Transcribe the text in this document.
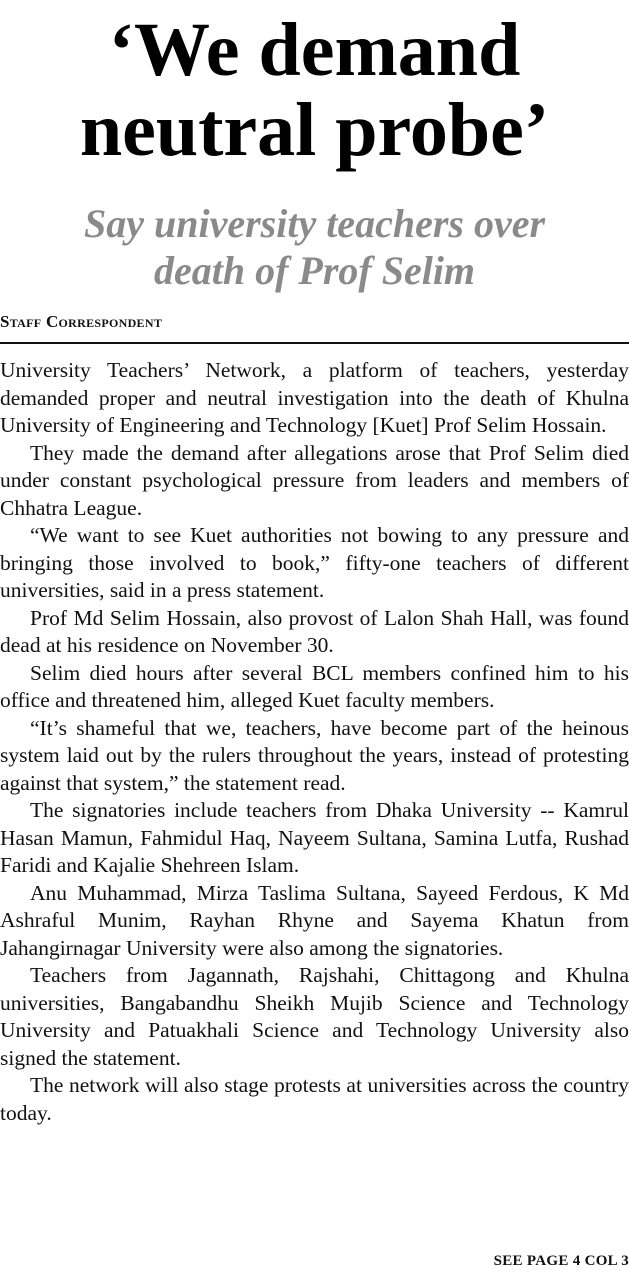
‘We demand
neutral probe’
Say university teachers over
death of Prof Selim
Staff Correspondent

University Teachers’ Network, a platform of teachers, yesterday demanded proper and neutral investigation into the death of Khulna University of Engineering and Technology [Kuet] Prof Selim Hossain.

They made the demand after allegations arose that Prof Selim died under constant psychological pressure from leaders and members of Chhatra League.

“We want to see Kuet authorities not bowing to any pressure and bringing those involved to book,” fifty-one teachers of different universities, said in a press statement.

Prof Md Selim Hossain, also provost of Lalon Shah Hall, was found dead at his residence on November 30.

Selim died hours after several BCL members confined him to his office and threatened him, alleged Kuet faculty members.

“It’s shameful that we, teachers, have become part of the heinous system laid out by the rulers throughout the years, instead of protesting against that system,” the statement read.

The signatories include teachers from Dhaka University -- Kamrul Hasan Mamun, Fahmidul Haq, Nayeem Sultana, Samina Lutfa, Rushad Faridi and Kajalie Shehreen Islam.

Anu Muhammad, Mirza Taslima Sultana, Sayeed Ferdous, K Md Ashraful Munim, Rayhan Rhyne and Sayema Khatun from Jahangirnagar University were also among the signatories.

Teachers from Jagannath, Rajshahi, Chittagong and Khulna universities, Bangabandhu Sheikh Mujib Science and Technology University and Patuakhali Science and Technology University also signed the statement.

The network will also stage protests at universities across the country today.

SEE PAGE 4 COL 3
